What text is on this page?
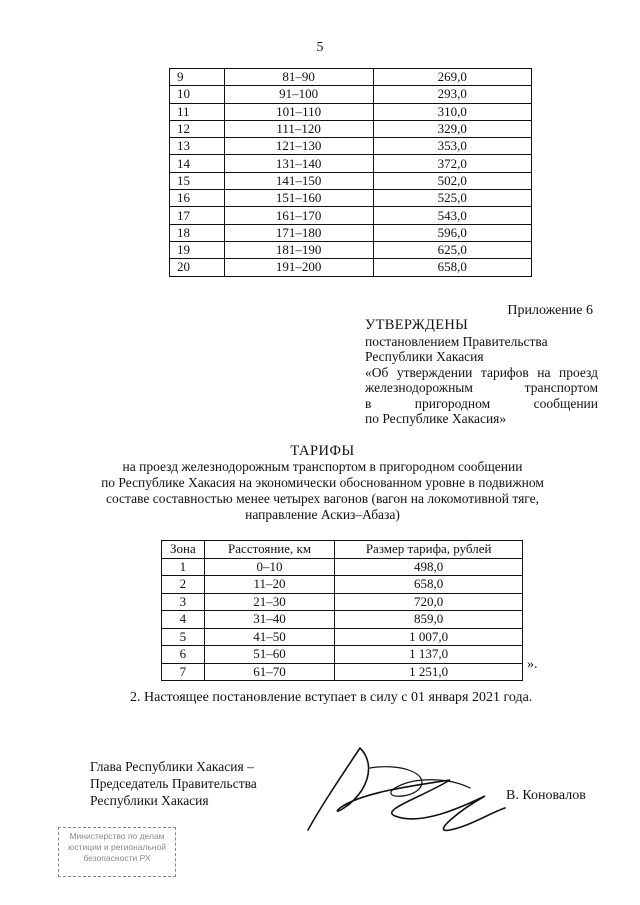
5
9	81–90	269,0
10	91–100	293,0
11	101–110	310,0
12	111–120	329,0
13	121–130	353,0
14	131–140	372,0
15	141–150	502,0
16	151–160	525,0
17	161–170	543,0
18	171–180	596,0
19	181–190	625,0
20	191–200	658,0
Приложение 6
УТВЕРЖДЕНЫ
постановлением Правительства
Республики Хакасия
«Об утверждении тарифов на проезд
железнодорожным транспортом
в пригородном сообщении
по Республике Хакасия»
ТАРИФЫ
на проезд железнодорожным транспортом в пригородном сообщении
по Республике Хакасия на экономически обоснованном уровне в подвижном
составе составностью менее четырех вагонов (вагон на локомотивной тяге,
направление Аскиз–Абаза)
Зона	Расстояние, км	Размер тарифа, рублей
1	0–10	498,0
2	11–20	658,0
3	21–30	720,0
4	31–40	859,0
5	41–50	1 007,0
6	51–60	1 137,0
7	61–70	1 251,0	».
2. Настоящее постановление вступает в силу с 01 января 2021 года.
Глава Республики Хакасия –
Председатель Правительства
Республики Хакасия	В. Коновалов
Министерство по делам
юстиции и региональной
безопасности РХ
